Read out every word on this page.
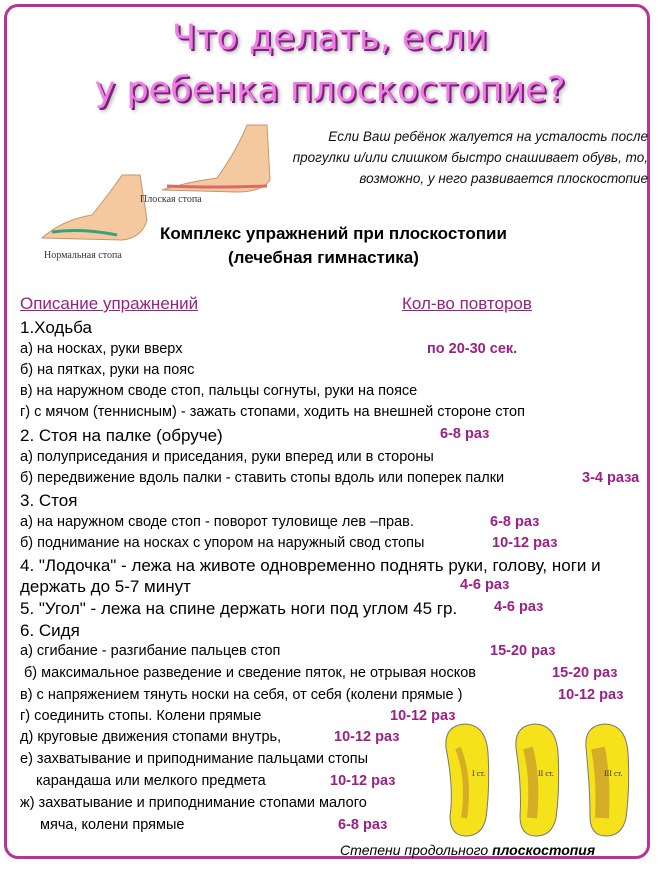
Что делать, если
у ребенка плоскостопие?
Плоская стопа
Нормальная стопа
Если Ваш ребёнок жалуется на усталость после прогулки и/или слишком быстро снашивает обувь, то, возможно, у него развивается плоскостопие
Комплекс упражнений при плоскостопии
(лечебная гимнастика)
Описание упражнений	Кол-во повторов
1.Ходьба
а) на носках, руки вверх	по 20-30 сек.
б) на пятках, руки на пояс
в) на наружном своде стоп, пальцы согнуты, руки на поясе
г) с мячом (теннисным) - зажать стопами, ходить на внешней стороне стоп
2. Стоя на палке (обруче)	6-8 раз
а) полуприседания и приседания, руки вперед или в стороны
б) передвижение вдоль палки - ставить стопы вдоль или поперек палки	3-4 раза
3. Стоя
а) на наружном своде стоп - поворот туловище лев –прав.	6-8 раз
б) поднимание на носках с упором на наружный свод стопы	10-12 раз
4. "Лодочка" - лежа на животе одновременно поднять руки, голову, ноги и
держать до 5-7 минут	4-6 раз
5. "Угол" - лежа на спине держать ноги под углом 45 гр.	4-6 раз
6. Сидя
а) сгибание - разгибание пальцев стоп	15-20 раз
б) максимальное разведение и сведение пяток, не отрывая носков	15-20 раз
в) с напряжением тянуть носки на себя, от себя (колени прямые )	10-12 раз
г) соединить стопы. Колени прямые	10-12 раз
д) круговые движения стопами внутрь,	10-12 раз
е) захватывание и приподнимание пальцами стопы
карандаша или мелкого предмета	10-12 раз
ж) захватывание и приподнимание стопами малого
мяча, колени прямые	6-8 раз
I ст.	II ст.	III ст.
Степени продольного плоскостопия
